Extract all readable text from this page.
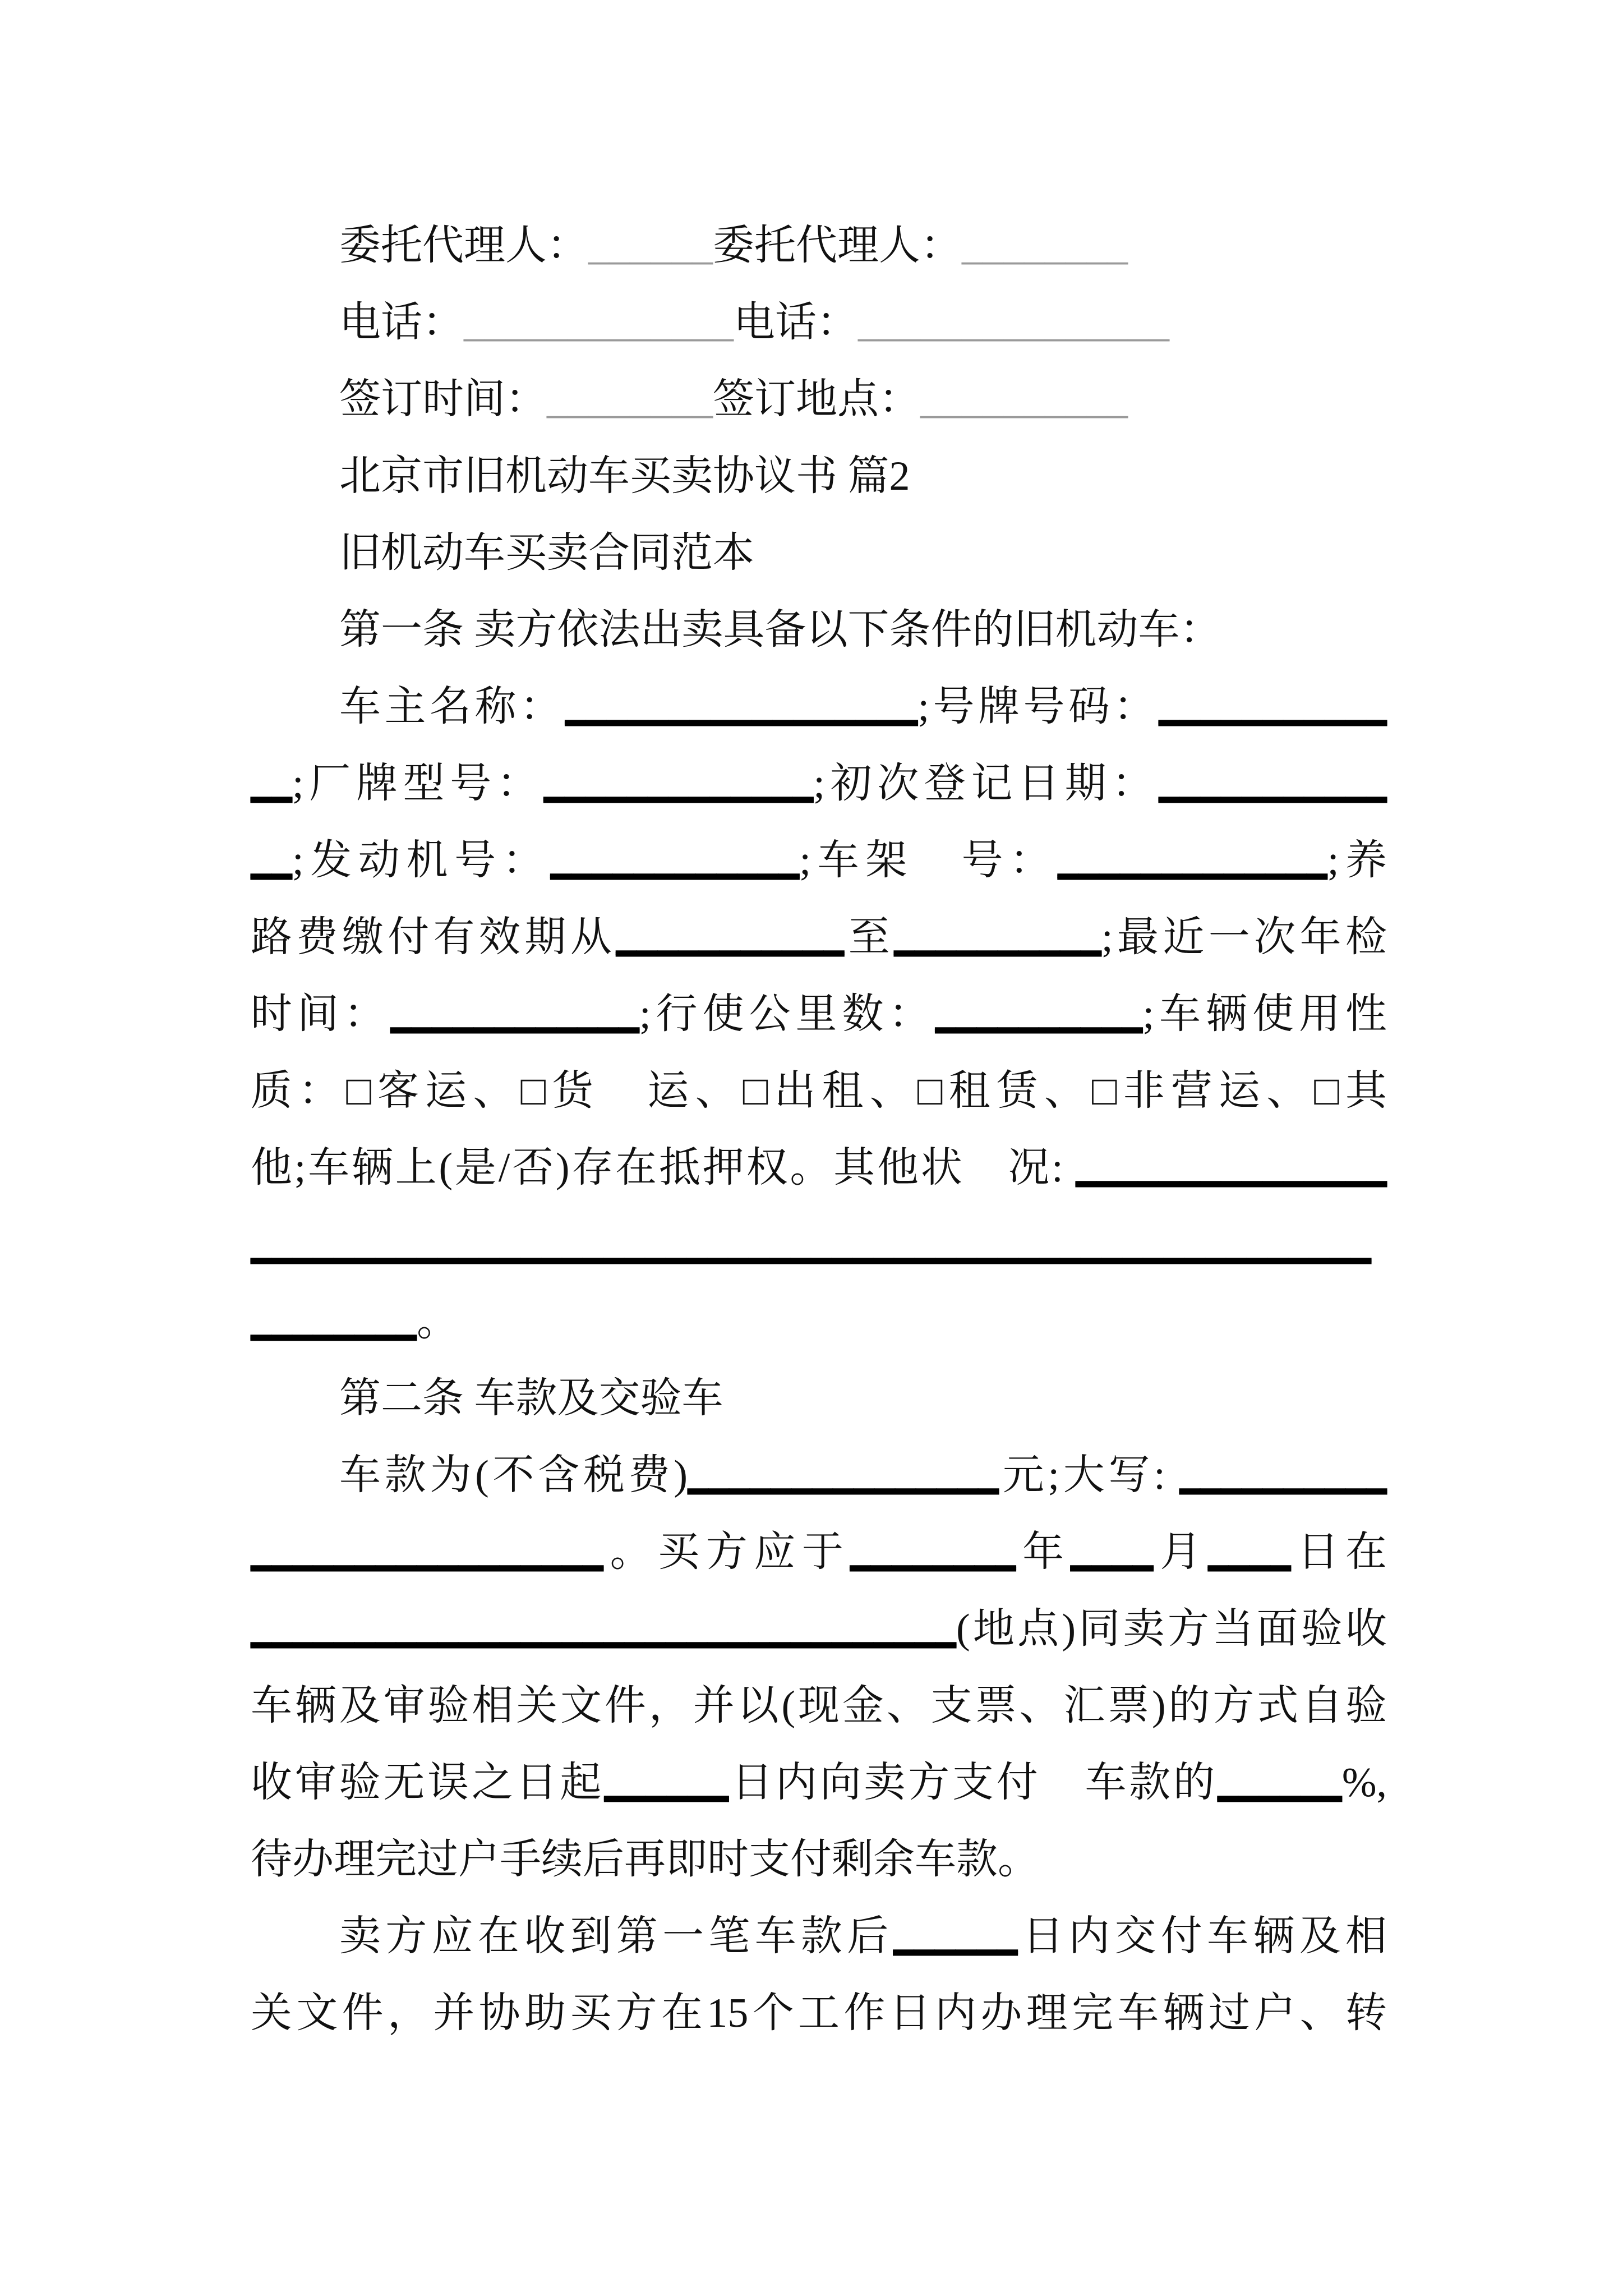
委托代理人：______委托代理人：________
电话：_____________电话：_______________
签订时间：________签订地点：__________
北京市旧机动车买卖协议书 篇2
旧机动车买卖合同范本
第一条 卖方依法出卖具备以下条件的旧机动车：
车主名称：_________________;号牌号码：___________
__;厂牌型号：_____________;初次登记日期：___________
__;发动机号：____________;车架　号：_____________;养
路费缴付有效期从___________至__________;最近一次年检
时间：____________;行使公里数：__________;车辆使用性
质：□客运、□货　运、□出租、□租赁、□非营运、□其
他;车辆上(是/否)存在抵押权。其他状　况: _______________
______________________________________________________
________。
第二条 车款及交验车
车款为(不含税费)_______________元;大写: __________
_________________。买方应于________年____月____日在
__________________________________(地点)同卖方当面验收
车辆及审验相关文件，并以(现金、支票、汇票)的方式自验
收审验无误之日起______日内向卖方支付　车款的______%,
待办理完过户手续后再即时支付剩余车款。
卖方应在收到第一笔车款后______日内交付车辆及相
关文件，并协助买方在15个工作日内办理完车辆过户、转
